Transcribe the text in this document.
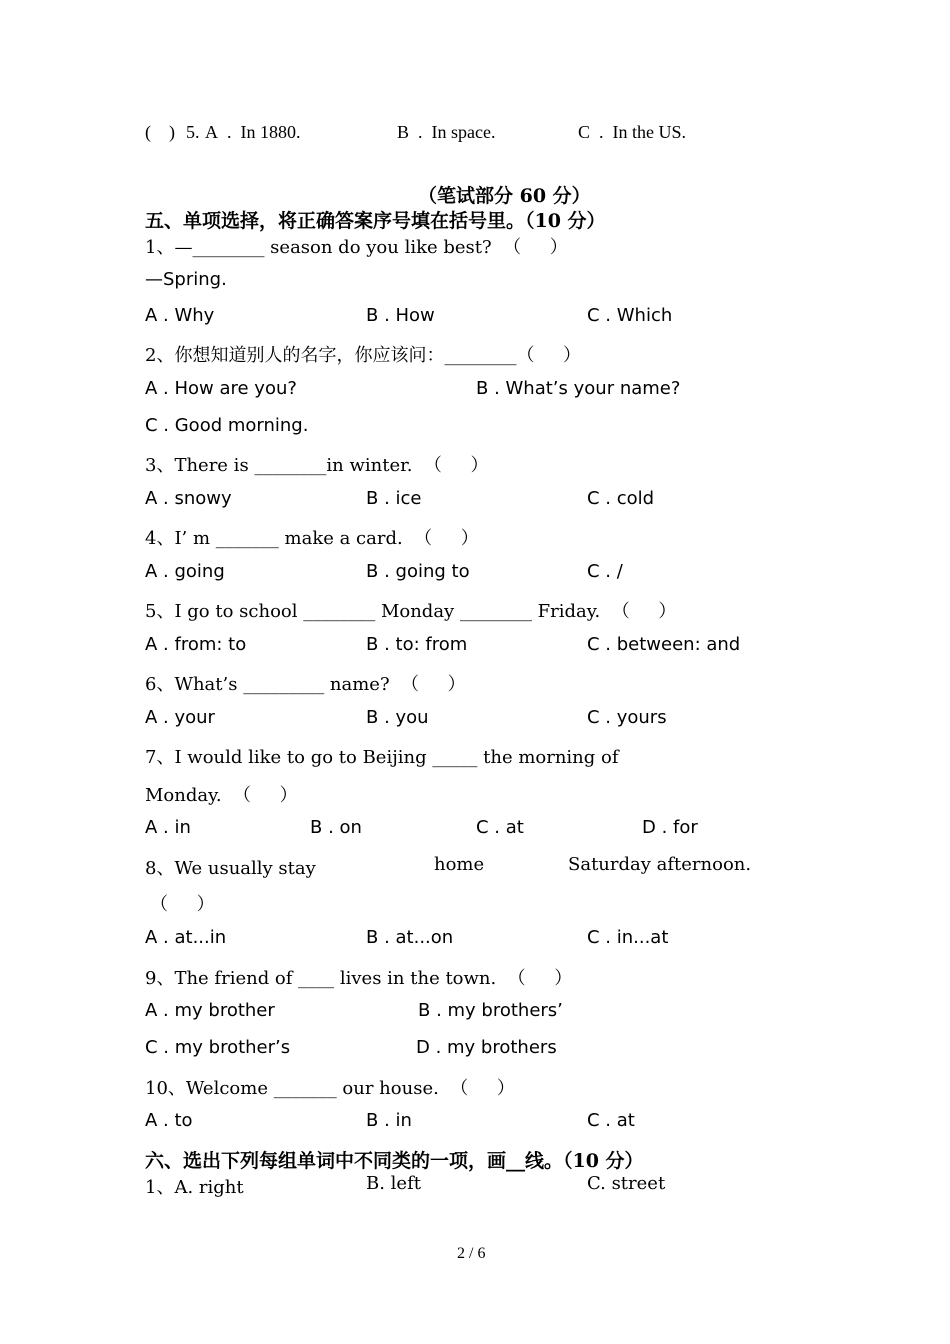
(    ) 5. A . In 1880.	B . In space.	C . In the US.
（笔试部分 60 分）
五、单项选择，将正确答案序号填在括号里。（10 分）
1、—________ season do you like best?  （     ）
—Spring.
A . Why	B . How	C . Which
2、你想知道别人的名字，你应该问：________（     ）
A . How are you?	B . What’s your name?
C . Good morning.
3、There is ________in winter.  （     ）
A . snowy	B . ice	C . cold
4、I’ m _______ make a card.  （     ）
A . going	B . going to	C . /
5、I go to school ________ Monday ________ Friday.  （     ）
A . from: to	B . to: from	C . between: and
6、What’s _________ name?  （     ）
A . your	B . you	C . yours
7、I would like to go to Beijing _____ the morning of
Monday.  （     ）
A . in	B . on	C . at	D . for
8、We usually stay	home	Saturday afternoon.
（     ）
A . at...in	B . at...on	C . in...at
9、The friend of ____ lives in the town.  （     ）
A . my brother	B . my brothers’
C . my brother’s	D . my brothers
10、Welcome _______ our house.  （     ）
A . to	B . in	C . at
六、选出下列每组单词中不同类的一项，画__线。（10 分）
1、A. right	B. left	C. street
2 / 6
